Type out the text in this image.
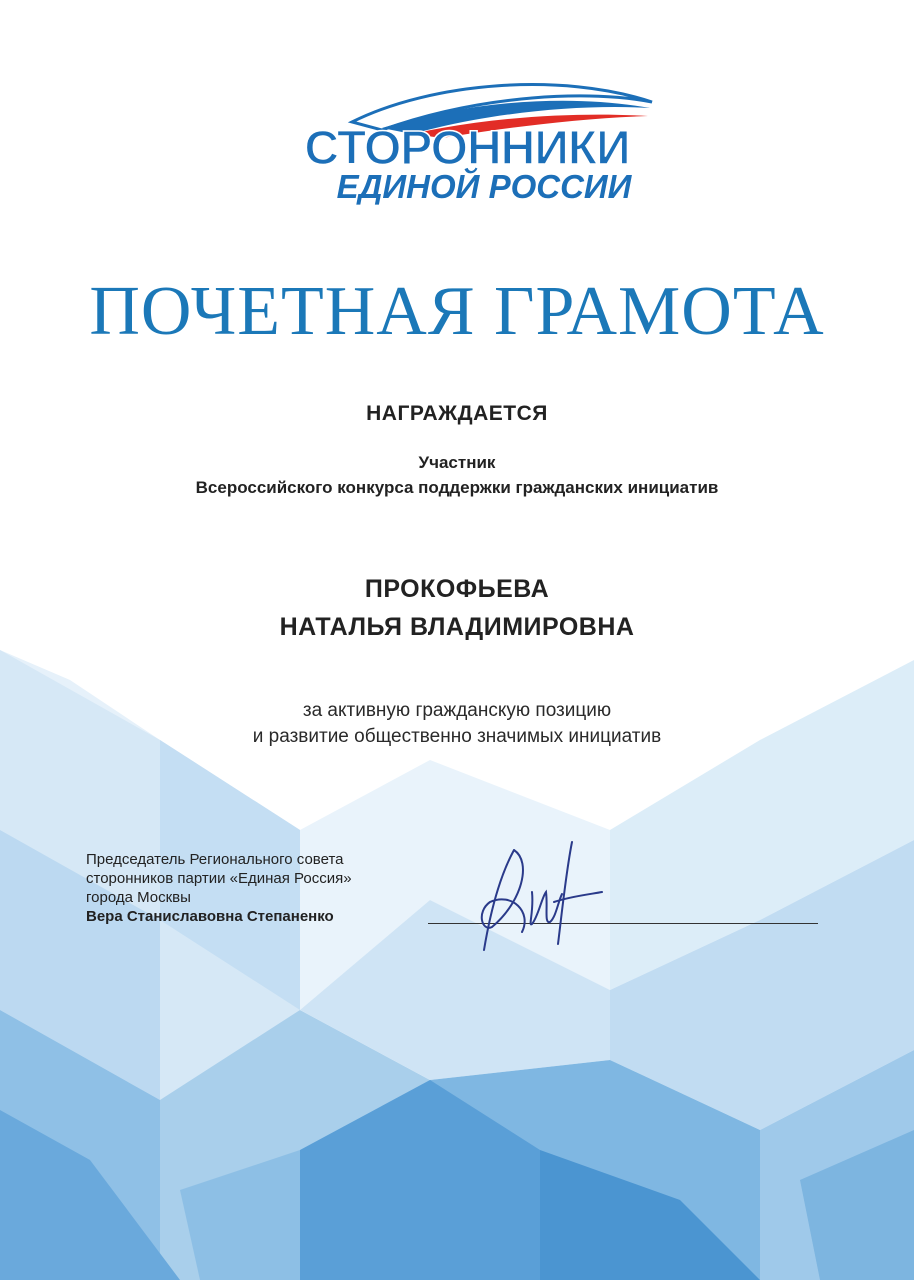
СТОРОННИКИ
ЕДИНОЙ РОССИИ
ПОЧЕТНАЯ ГРАМОТА
НАГРАЖДАЕТСЯ
Участник
Всероссийского конкурса поддержки гражданских инициатив
ПРОКОФЬЕВА
НАТАЛЬЯ ВЛАДИМИРОВНА
за активную гражданскую позицию
и развитие общественно значимых инициатив
Председатель Регионального совета
сторонников партии «Единая Россия»
города Москвы
Вера Станиславовна Степаненко
